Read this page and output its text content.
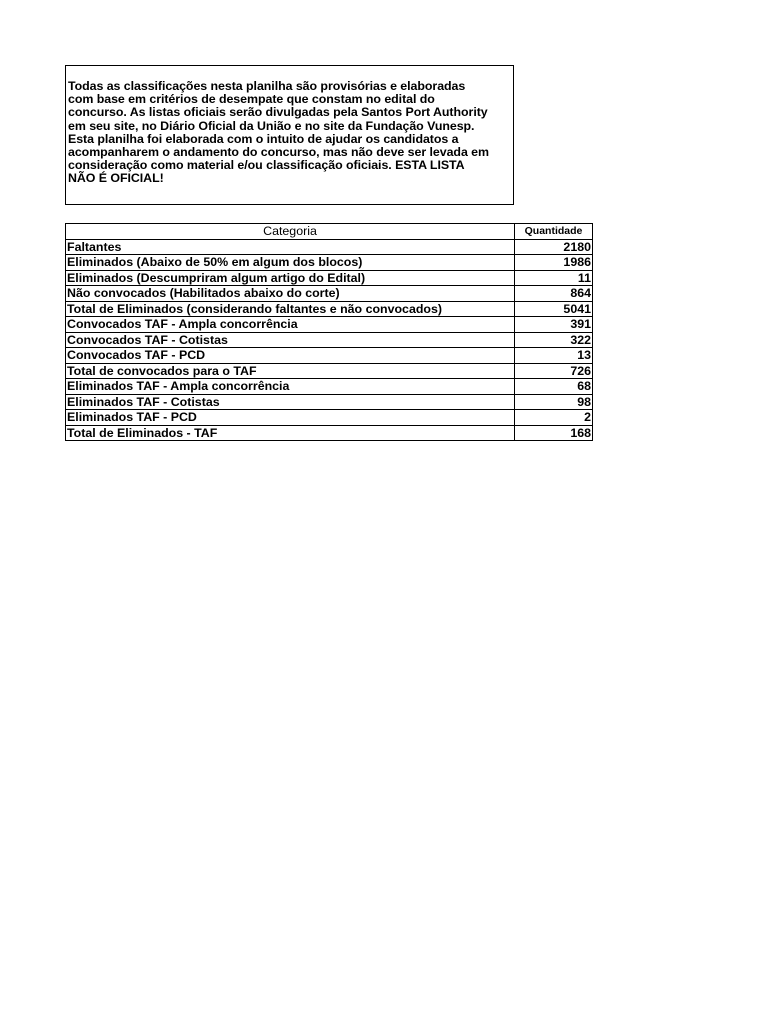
Todas as classificações nesta planilha são provisórias e elaboradas
com base em critérios de desempate que constam no edital do
concurso. As listas oficiais serão divulgadas pela Santos Port Authority
em seu site, no Diário Oficial da União e no site da Fundação Vunesp.
Esta planilha foi elaborada com o intuito de ajudar os candidatos a
acompanharem o andamento do concurso, mas não deve ser levada em
consideração como material e/ou classificação oficiais. ESTA LISTA
NÃO É OFICIAL!
Categoria	Quantidade
Faltantes	2180
Eliminados (Abaixo de 50% em algum dos blocos)	1986
Eliminados (Descumpriram algum artigo do Edital)	11
Não convocados (Habilitados abaixo do corte)	864
Total de Eliminados (considerando faltantes e não convocados)	5041
Convocados TAF - Ampla concorrência	391
Convocados TAF - Cotistas	322
Convocados TAF - PCD	13
Total de convocados para o TAF	726
Eliminados TAF - Ampla concorrência	68
Eliminados TAF - Cotistas	98
Eliminados TAF - PCD	2
Total de Eliminados - TAF	168
